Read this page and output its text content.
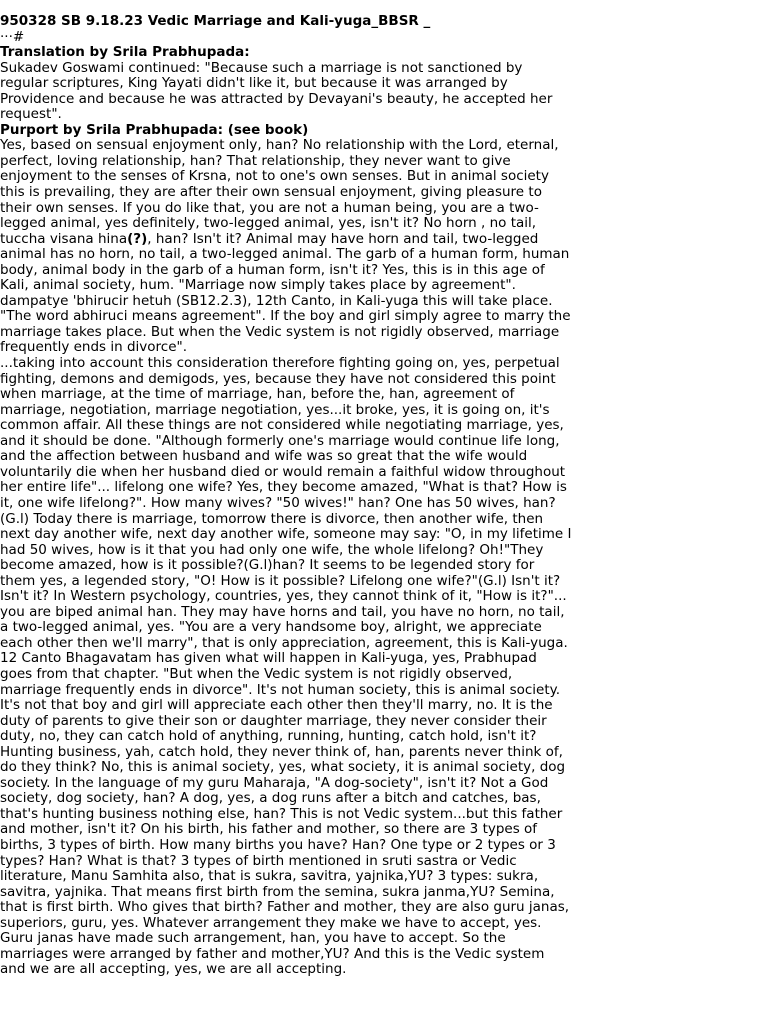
950328 SB 9.18.23 Vedic Marriage and Kali-yuga_BBSR _
···#
Translation by Srila Prabhupada:

Sukadev Goswami continued: "Because such a marriage is not sanctioned by regular scriptures, King Yayati didn't like it, but because it was arranged by Providence and because he was attracted by Devayani's beauty, he accepted her request".

Purport by Srila Prabhupada: (see book)

Yes, based on sensual enjoyment only, han? No relationship with the Lord, eternal, perfect, loving relationship, han? That relationship, they never want to give enjoyment to the senses of Krsna, not to one's own senses. But in animal society this is prevailing, they are after their own sensual enjoyment, giving pleasure to their own senses. If you do like that, you are not a human being, you are a two-legged animal, yes definitely, two-legged animal, yes, isn't it? No horn , no tail, tuccha visana hina(?), han? Isn't it? Animal may have horn and tail, two-legged animal has no horn, no tail, a two-legged animal. The garb of a human form, human body, animal body in the garb of a human form, isn't it? Yes, this is in this age of Kali, animal society, hum. "Marriage now simply takes place by agreement". dampatye 'bhirucir hetuh (SB12.2.3), 12th Canto, in Kali-yuga this will take place. "The word abhiruci means agreement". If the boy and girl simply agree to marry the marriage takes place. But when the Vedic system is not rigidly observed, marriage frequently ends in divorce".

...taking into account this consideration therefore fighting going on, yes, perpetual fighting, demons and demigods, yes, because they have not considered this point when marriage, at the time of marriage, han, before the, han, agreement of marriage, negotiation, marriage negotiation, yes...it broke, yes, it is going on, it's common affair. All these things are not considered while negotiating marriage, yes, and it should be done. "Although formerly one's marriage would continue life long, and the affection between husband and wife was so great that the wife would voluntarily die when her husband died or would remain a faithful widow throughout her entire life"... lifelong one wife? Yes, they become amazed, "What is that? How is it, one wife lifelong?". How many wives? "50 wives!" han? One has 50 wives, han?(G.l) Today there is marriage, tomorrow there is divorce, then another wife, then next day another wife, next day another wife, someone may say: "O, in my lifetime I had 50 wives, how is it that you had only one wife, the whole lifelong? Oh!"They become amazed, how is it possible?(G.l)han? It seems to be legended story for them yes, a legended story, "O! How is it possible? Lifelong one wife?"(G.l) Isn't it? Isn't it? In Western psychology, countries, yes, they cannot think of it, "How is it?"... you are biped animal han. They may have horns and tail, you have no horn, no tail, a two-legged animal, yes. "You are a very handsome boy, alright, we appreciate each other then we'll marry", that is only appreciation, agreement, this is Kali-yuga. 12 Canto Bhagavatam has given what will happen in Kali-yuga, yes, Prabhupad goes from that chapter. "But when the Vedic system is not rigidly observed, marriage frequently ends in divorce". It's not human society, this is animal society. It's not that boy and girl will appreciate each other then they'll marry, no. It is the duty of parents to give their son or daughter marriage, they never consider their duty, no, they can catch hold of anything, running, hunting, catch hold, isn't it? Hunting business, yah, catch hold, they never think of, han, parents never think of, do they think? No, this is animal society, yes, what society, it is animal society, dog society. In the language of my guru Maharaja, "A dog-society", isn't it? Not a God society, dog society, han? A dog, yes, a dog runs after a bitch and catches, bas, that's hunting business nothing else, han? This is not Vedic system...but this father and mother, isn't it? On his birth, his father and mother, so there are 3 types of births, 3 types of birth. How many births you have? Han? One type or 2 types or 3 types? Han? What is that? 3 types of birth mentioned in sruti sastra or Vedic literature, Manu Samhita also, that is sukra, savitra, yajnika,YU? 3 types: sukra, savitra, yajnika. That means first birth from the semina, sukra janma,YU? Semina, that is first birth. Who gives that birth? Father and mother, they are also guru janas, superiors, guru, yes. Whatever arrangement they make we have to accept, yes. Guru janas have made such arrangement, han, you have to accept. So the marriages were arranged by father and mother,YU? And this is the Vedic system and we are all accepting, yes, we are all accepting.
